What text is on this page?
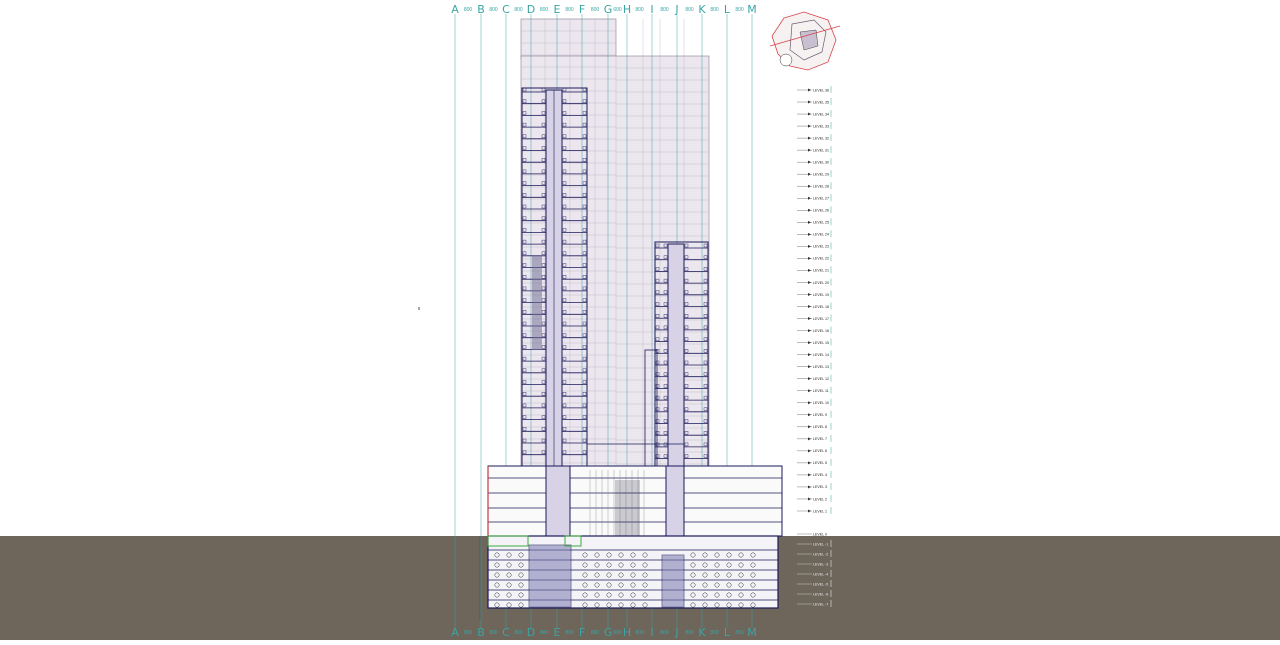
A
A
B
B
C
C
D
D
E
E
F
F
G
G
H
H
I
I
J
J
K
K
L
L
M
M
800
800
800
800
800
800
800
800
800
800
800
800
600
600
800
800
800
800
800
800
800
800
800
800
LEVEL 36
LEVEL 35
LEVEL 34
LEVEL 33
LEVEL 32
LEVEL 31
LEVEL 30
LEVEL 29
LEVEL 28
LEVEL 27
LEVEL 26
LEVEL 25
LEVEL 24
LEVEL 23
LEVEL 22
LEVEL 21
LEVEL 20
LEVEL 19
LEVEL 18
LEVEL 17
LEVEL 16
LEVEL 15
LEVEL 14
LEVEL 13
LEVEL 12
LEVEL 11
LEVEL 10
LEVEL 9
LEVEL 8
LEVEL 7
LEVEL 6
LEVEL 5
LEVEL 4
LEVEL 3
LEVEL 2
LEVEL 1
LEVEL 0
LEVEL -1
LEVEL -2
LEVEL -3
LEVEL -4
LEVEL -5
LEVEL -6
LEVEL -7
